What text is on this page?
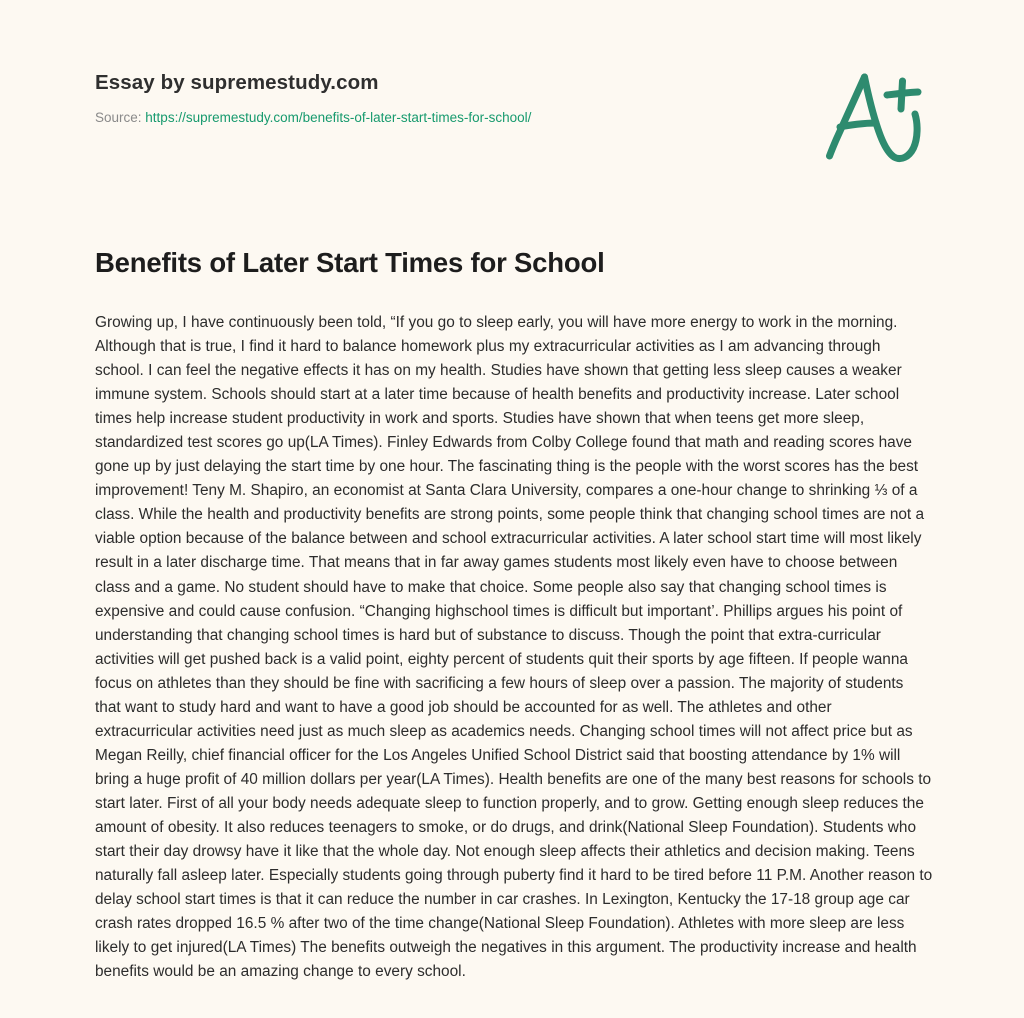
Essay by supremestudy.com
Source: https://supremestudy.com/benefits-of-later-start-times-for-school/
Benefits of Later Start Times for School

Growing up, I have continuously been told, “If you go to sleep early, you will have more energy to work in the morning. Although that is true, I find it hard to balance homework plus my extracurricular activities as I am advancing through school. I can feel the negative effects it has on my health. Studies have shown that getting less sleep causes a weaker immune system. Schools should start at a later time because of health benefits and productivity increase. Later school times help increase student productivity in work and sports. Studies have shown that when teens get more sleep, standardized test scores go up(LA Times). Finley Edwards from Colby College found that math and reading scores have gone up by just delaying the start time by one hour. The fascinating thing is the people with the worst scores has the best improvement! Teny M. Shapiro, an economist at Santa Clara University, compares a one-hour change to shrinking ⅓ of a class. While the health and productivity benefits are strong points, some people think that changing school times are not a viable option because of the balance between and school extracurricular activities. A later school start time will most likely result in a later discharge time. That means that in far away games students most likely even have to choose between class and a game. No student should have to make that choice. Some people also say that changing school times is expensive and could cause confusion. “Changing highschool times is difficult but important’. Phillips argues his point of understanding that changing school times is hard but of substance to discuss. Though the point that extra-curricular activities will get pushed back is a valid point, eighty percent of students quit their sports by age fifteen. If people wanna focus on athletes than they should be fine with sacrificing a few hours of sleep over a passion. The majority of students that want to study hard and want to have a good job should be accounted for as well. The athletes and other extracurricular activities need just as much sleep as academics needs. Changing school times will not affect price but as Megan Reilly, chief financial officer for the Los Angeles Unified School District said that boosting attendance by 1% will bring a huge profit of 40 million dollars per year(LA Times). Health benefits are one of the many best reasons for schools to start later. First of all your body needs adequate sleep to function properly, and to grow. Getting enough sleep reduces the amount of obesity. It also reduces teenagers to smoke, or do drugs, and drink(National Sleep Foundation). Students who start their day drowsy have it like that the whole day. Not enough sleep affects their athletics and decision making. Teens naturally fall asleep later. Especially students going through puberty find it hard to be tired before 11 P.M. Another reason to delay school start times is that it can reduce the number in car crashes. In Lexington, Kentucky the 17-18 group age car crash rates dropped 16.5 % after two of the time change(National Sleep Foundation). Athletes with more sleep are less likely to get injured(LA Times) The benefits outweigh the negatives in this argument. The productivity increase and health benefits would be an amazing change to every school.
